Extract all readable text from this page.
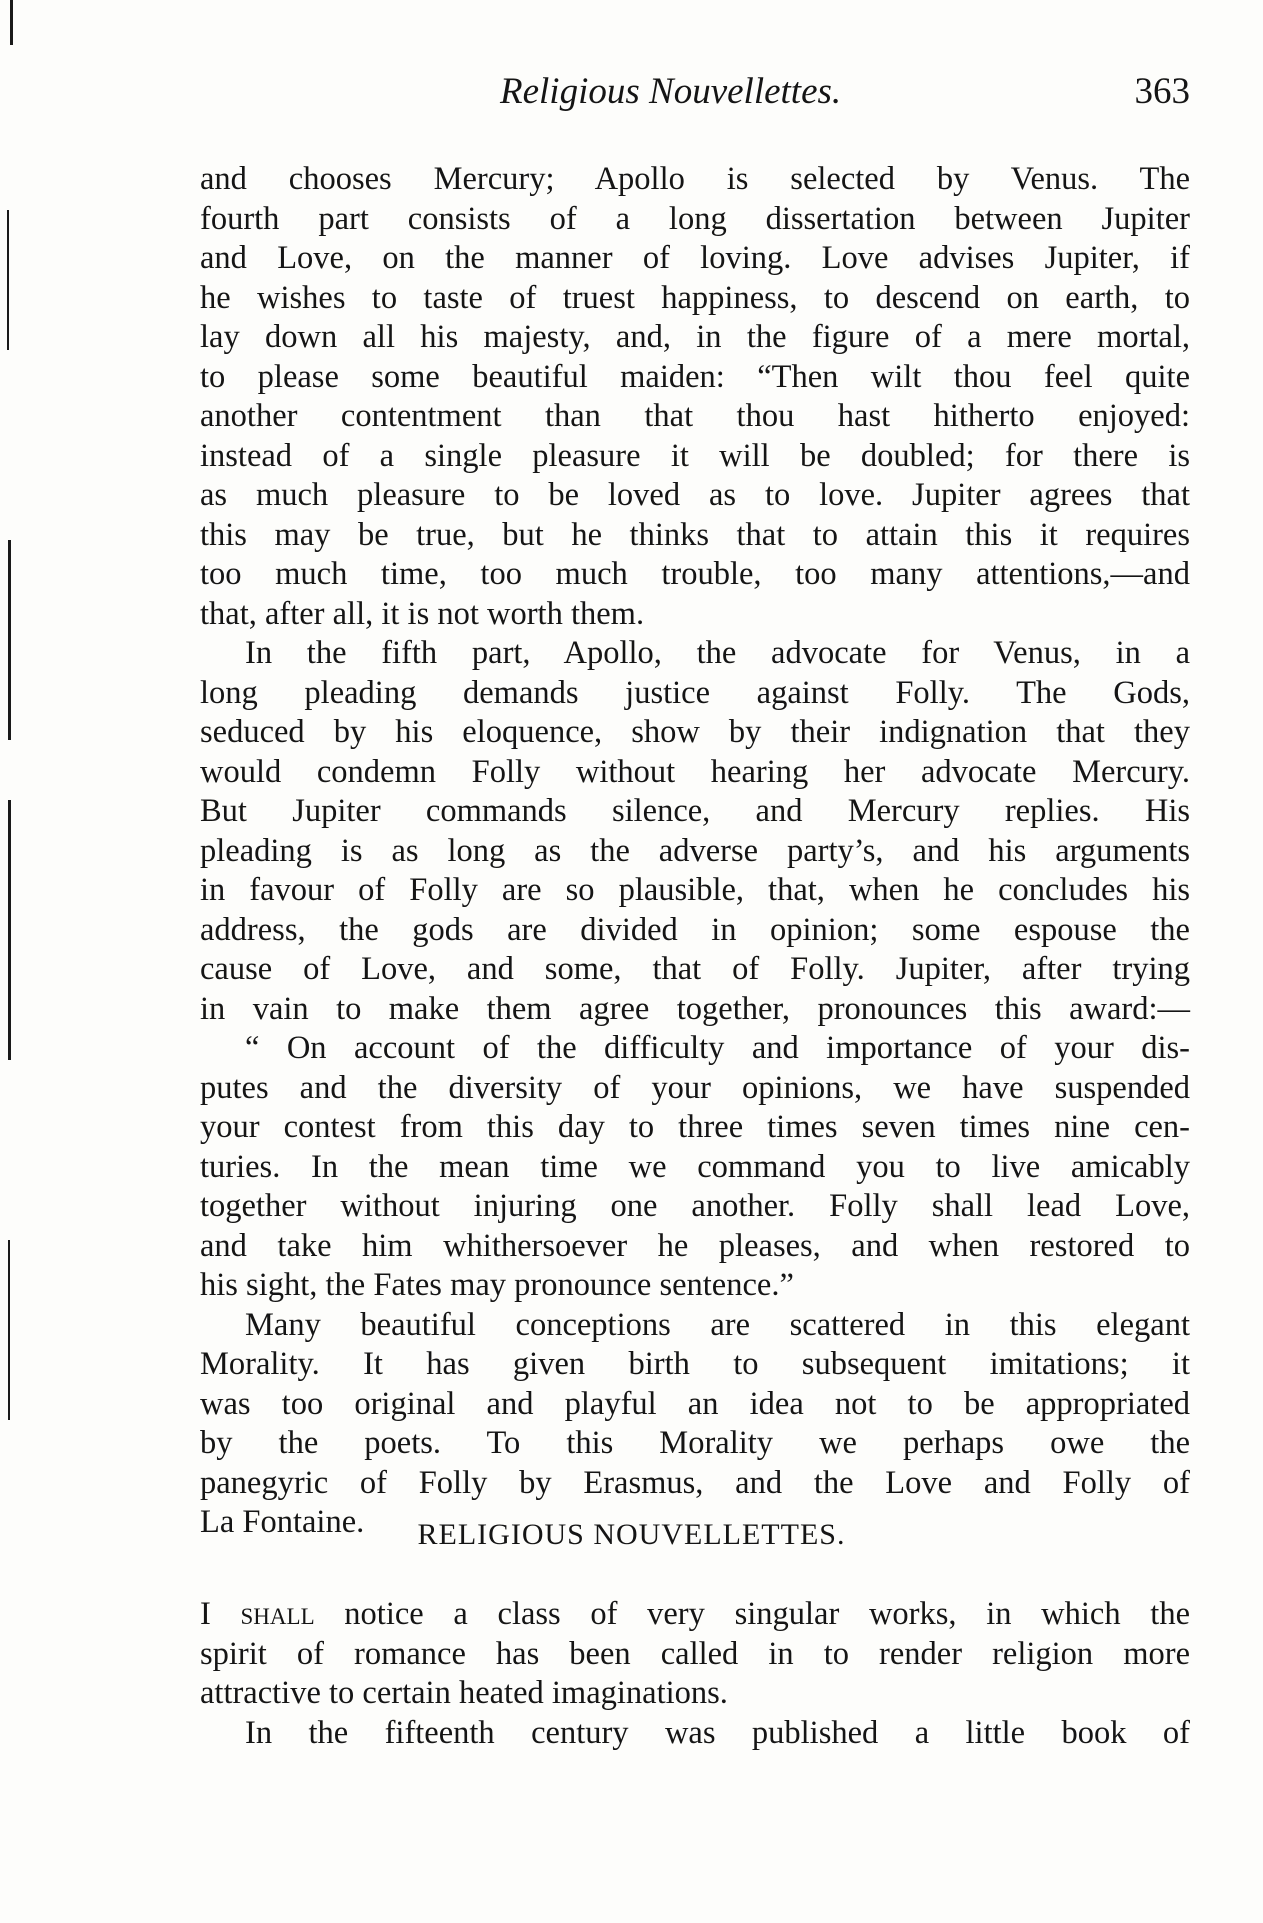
Religious Nouvellettes.	363

and chooses Mercury; Apollo is selected by Venus. The
fourth part consists of a long dissertation between Jupiter
and Love, on the manner of loving. Love advises Jupiter, if
he wishes to taste of truest happiness, to descend on earth, to
lay down all his majesty, and, in the figure of a mere mortal,
to please some beautiful maiden: “Then wilt thou feel quite
another contentment than that thou hast hitherto enjoyed:
instead of a single pleasure it will be doubled; for there is
as much pleasure to be loved as to love. Jupiter agrees that
this may be true, but he thinks that to attain this it requires
too much time, too much trouble, too many attentions,—and
that, after all, it is not worth them.

In the fifth part, Apollo, the advocate for Venus, in a
long pleading demands justice against Folly. The Gods,
seduced by his eloquence, show by their indignation that they
would condemn Folly without hearing her advocate Mercury.
But Jupiter commands silence, and Mercury replies. His
pleading is as long as the adverse party’s, and his arguments
in favour of Folly are so plausible, that, when he concludes his
address, the gods are divided in opinion; some espouse the
cause of Love, and some, that of Folly. Jupiter, after trying
in vain to make them agree together, pronounces this award:—

“ On account of the difficulty and importance of your dis-
putes and the diversity of your opinions, we have suspended
your contest from this day to three times seven times nine cen-
turies. In the mean time we command you to live amicably
together without injuring one another. Folly shall lead Love,
and take him whithersoever he pleases, and when restored to
his sight, the Fates may pronounce sentence.”

Many beautiful conceptions are scattered in this elegant
Morality. It has given birth to subsequent imitations; it
was too original and playful an idea not to be appropriated
by the poets. To this Morality we perhaps owe the
panegyric of Folly by Erasmus, and the Love and Folly of
La Fontaine.	RELIGIOUS NOUVELLETTES.

I shall notice a class of very singular works, in which the
spirit of romance has been called in to render religion more
attractive to certain heated imaginations.

In the fifteenth century was published a little book of
